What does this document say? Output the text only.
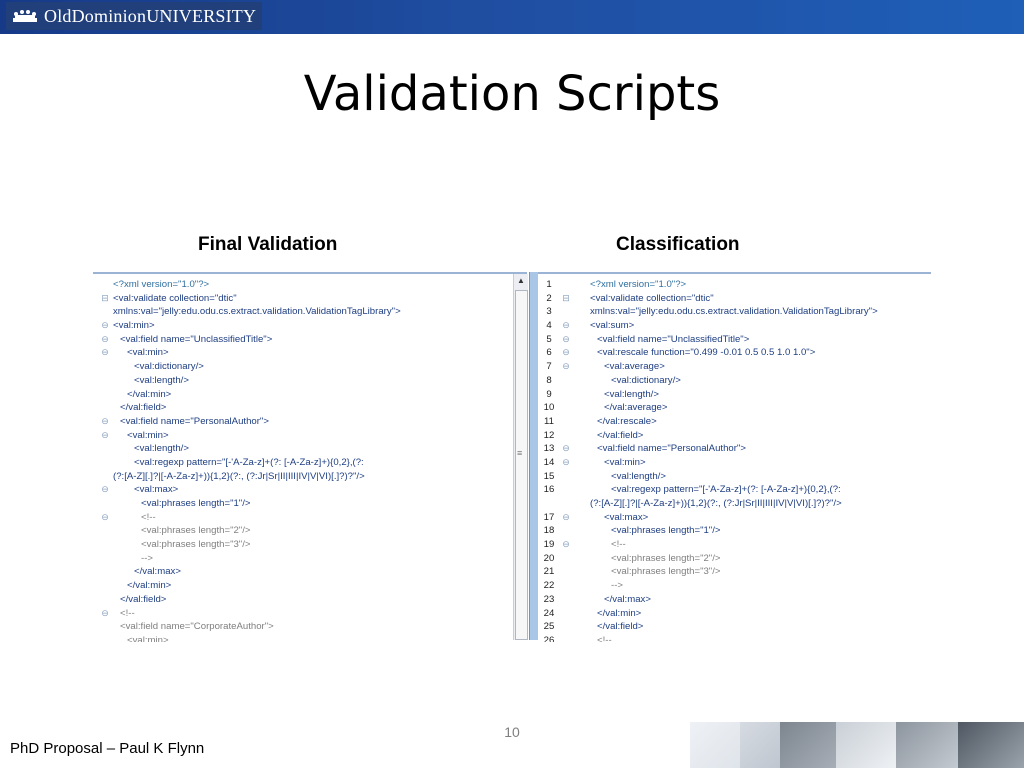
OldDominionUNIVERSITY
Validation Scripts
Final Validation	Classification
<?xml version="1.0"?>
⊟ <val:validate collection="dtic"
xmlns:val="jelly:edu.odu.cs.extract.validation.ValidationTagLibrary">
⊖ <val:min>
⊖ <val:field name="UnclassifiedTitle">
⊖ <val:min>
<val:dictionary/>
<val:length/>
</val:min>
</val:field>
⊖ <val:field name="PersonalAuthor">
⊖ <val:min>
<val:length/>
<val:regexp pattern="[-'A-Za-z]+(?: [-A-Za-z]+){0,2},(?:
(?:[A-Z][.]?|[-A-Za-z]+)){1,2}(?:, (?:Jr|Sr|II|III|IV|V|VI)[.]?)?"/>
⊖	<val:max>
<val:phrases length="1"/>
⊖	<!--
<val:phrases length="2"/>
<val:phrases length="3"/>
-->
</val:max>
</val:min>
</val:field>
⊖ <!--
<val:field name="CorporateAuthor">
<val:min>
▲
≡
1	<?xml version="1.0"?>
2	⊟ <val:validate collection="dtic"
3	xmlns:val="jelly:edu.odu.cs.extract.validation.ValidationTagLibrary">
4	⊖ <val:sum>
5	⊖	<val:field name="UnclassifiedTitle">
6	⊖	<val:rescale function="0.499 -0.01 0.5 0.5 1.0 1.0">
7	⊖	<val:average>
8	<val:dictionary/>
9	<val:length/>
10	</val:average>
11	</val:rescale>
12	</val:field>
13 ⊖	<val:field name="PersonalAuthor">
14 ⊖	<val:min>
15	<val:length/>
16	<val:regexp pattern="[-'A-Za-z]+(?: [-A-Za-z]+){0,2},(?:
(?:[A-Z][.]?|[-A-Za-z]+)){1,2}(?:, (?:Jr|Sr|II|III|IV|V|VI)[.]?)?"/>
17 ⊖	<val:max>
18	<val:phrases length="1"/>
19 ⊖	<!--
20	<val:phrases length="2"/>
21	<val:phrases length="3"/>
22	-->
23	</val:max>
24	</val:min>
25	</val:field>
26	<!--
10
PhD Proposal – Paul K Flynn
